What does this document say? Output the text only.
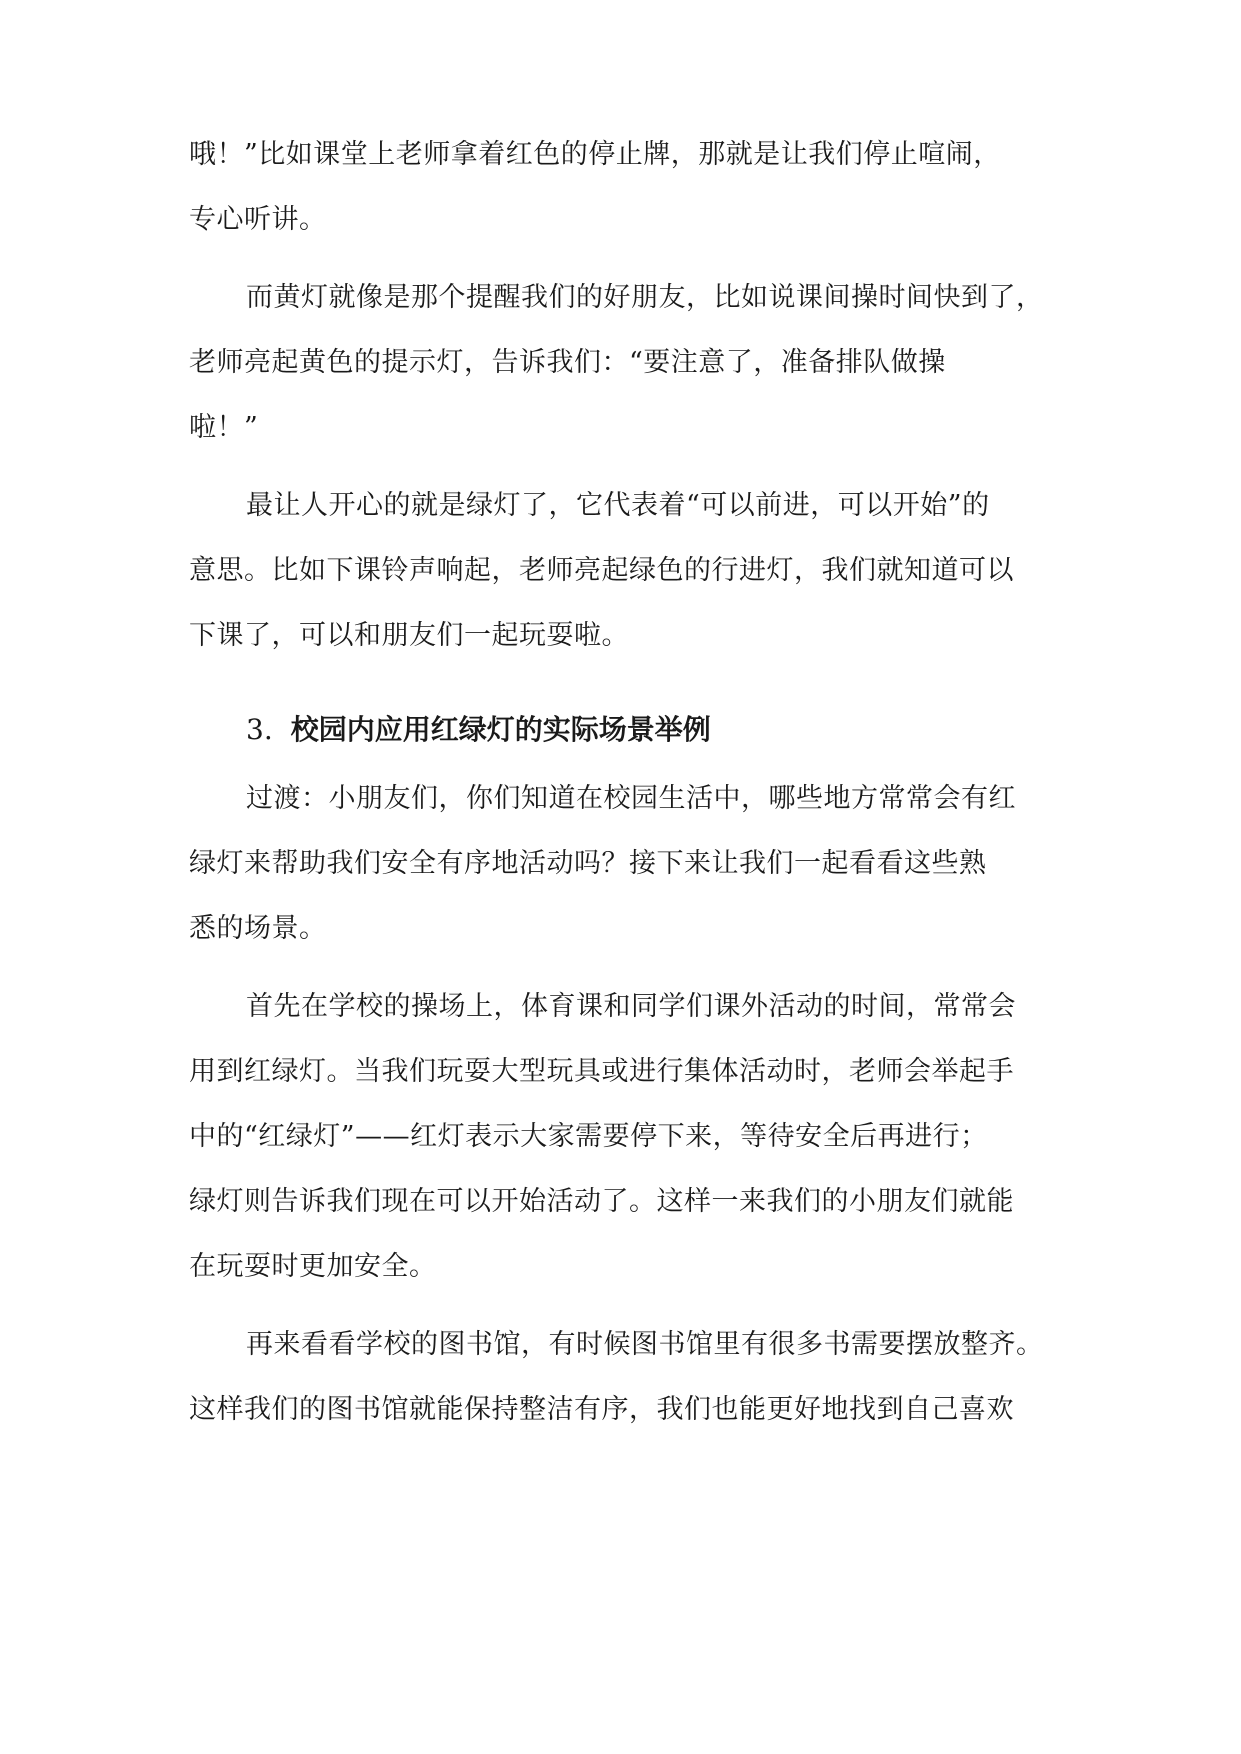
哦！”比如课堂上老师拿着红色的停止牌，那就是让我们停止喧闹，
专心听讲。
而黄灯就像是那个提醒我们的好朋友，比如说课间操时间快到了，
老师亮起黄色的提示灯，告诉我们：“要注意了，准备排队做操
啦！”
最让人开心的就是绿灯了，它代表着“可以前进，可以开始”的
意思。比如下课铃声响起，老师亮起绿色的行进灯，我们就知道可以
下课了，可以和朋友们一起玩耍啦。
3. 校园内应用红绿灯的实际场景举例
过渡：小朋友们，你们知道在校园生活中，哪些地方常常会有红
绿灯来帮助我们安全有序地活动吗？接下来让我们一起看看这些熟
悉的场景。
首先在学校的操场上，体育课和同学们课外活动的时间，常常会
用到红绿灯。当我们玩耍大型玩具或进行集体活动时，老师会举起手
中的“红绿灯”——红灯表示大家需要停下来，等待安全后再进行；
绿灯则告诉我们现在可以开始活动了。这样一来我们的小朋友们就能
在玩耍时更加安全。
再来看看学校的图书馆，有时候图书馆里有很多书需要摆放整齐。
这样我们的图书馆就能保持整洁有序，我们也能更好地找到自己喜欢
